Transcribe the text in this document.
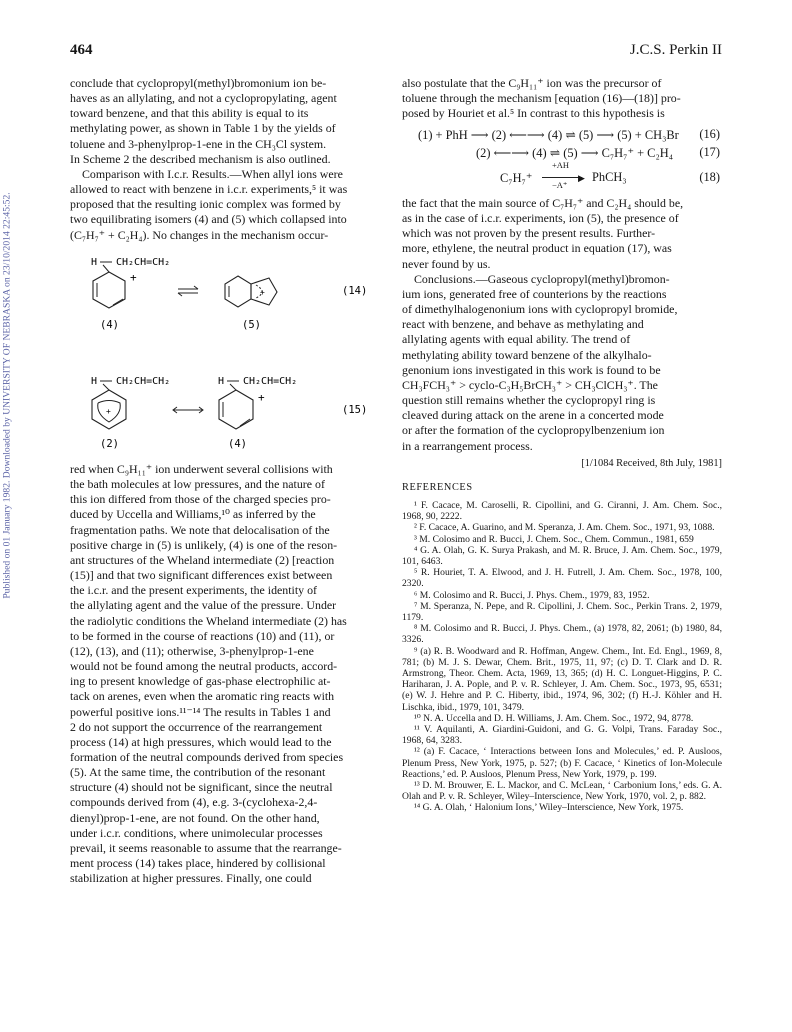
Published on 01 January 1982. Downloaded by UNIVERSITY OF NEBRASKA on 23/10/2014 22:45:52.
464	J.C.S. Perkin II

conclude that cyclopropyl(methyl)bromonium ion be-

haves as an allylating, and not a cyclopropylating, agent

toward benzene, and that this ability is equal to its

methylating power, as shown in Table 1 by the yields of

toluene and 3-phenylprop-1-ene in the CH₃Cl system.

In Scheme 2 the described mechanism is also outlined.

Comparison with I.c.r. Results.—When allyl ions were

allowed to react with benzene in i.c.r. experiments,⁵ it was

proposed that the resulting ionic complex was formed by

two equilibrating isomers (4) and (5) which collapsed into

(C₇H₇⁺ + C₂H₄). No changes in the mechanism occur-

H CH₂CH=CH₂
+
+	(14)
(4)	(5)
H CH₂CH=CH₂
+
H CH₂CH=CH₂
+
(15)
(2)	(4)

red when C₉H₁₁⁺ ion underwent several collisions with

the bath molecules at low pressures, and the nature of

this ion differed from those of the charged species pro-

duced by Uccella and Williams,¹⁰ as inferred by the

fragmentation paths. We note that delocalisation of the

positive charge in (5) is unlikely, (4) is one of the reson-

ant structures of the Wheland intermediate (2) [reaction

(15)] and that two significant differences exist between

the i.c.r. and the present experiments, the identity of

the allylating agent and the value of the pressure. Under

the radiolytic conditions the Wheland intermediate (2) has

to be formed in the course of reactions (10) and (11), or

(12), (13), and (11); otherwise, 3-phenylprop-1-ene

would not be found among the neutral products, accord-

ing to present knowledge of gas-phase electrophilic at-

tack on arenes, even when the aromatic ring reacts with

powerful positive ions.¹¹⁻¹⁴ The results in Tables 1 and

2 do not support the occurrence of the rearrangement

process (14) at high pressures, which would lead to the

formation of the neutral compounds derived from species

(5). At the same time, the contribution of the resonant

structure (4) should not be significant, since the neutral

compounds derived from (4), e.g. 3-(cyclohexa-2,4-

dienyl)prop-1-ene, are not found. On the other hand,

under i.c.r. conditions, where unimolecular processes

prevail, it seems reasonable to assume that the rearrange-

ment process (14) takes place, hindered by collisional

stabilization at higher pressures. Finally, one could

also postulate that the C₉H₁₁⁺ ion was the precursor of

toluene through the mechanism [equation (16)—(18)] pro-

posed by Houriet et al.⁵ In contrast to this hypothesis is

(1) + PhH ⟶ (2) ⟵⟶ (4) ⇌ (5) ⟶ (5) + CH₃Br (16)
(2) ⟵⟶ (4) ⇌ (5) ⟶ C₇H₇⁺ + C₂H₄ (17)
C₇H₇⁺
+AH
▶
−A⁺
PhCH₃	(18)

the fact that the main source of C₇H₇⁺ and C₂H₄ should be,

as in the case of i.c.r. experiments, ion (5), the presence of

which was not proven by the present results. Further-

more, ethylene, the neutral product in equation (17), was

never found by us.

Conclusions.—Gaseous cyclopropyl(methyl)bromon-

ium ions, generated free of counterions by the reactions

of dimethylhalogenonium ions with cyclopropyl bromide,

react with benzene, and behave as methylating and

allylating agents with equal ability. The trend of

methylating ability toward benzene of the alkylhalo-

genonium ions investigated in this work is found to be

CH₃FCH₃⁺ > cyclo-C₃H₅BrCH₃⁺ > CH₃ClCH₃⁺. The

question still remains whether the cyclopropyl ring is

cleaved during attack on the arene in a concerted mode

or after the formation of the cyclopropylbenzenium ion

in a rearrangement process.

[1/1084 Received, 8th July, 1981]
REFERENCES

¹ F. Cacace, M. Caroselli, R. Cipollini, and G. Ciranni, J. Am. Chem. Soc., 1968, 90, 2222.

² F. Cacace, A. Guarino, and M. Speranza, J. Am. Chem. Soc., 1971, 93, 1088.

³ M. Colosimo and R. Bucci, J. Chem. Soc., Chem. Commun., 1981, 659

⁴ G. A. Olah, G. K. Surya Prakash, and M. R. Bruce, J. Am. Chem. Soc., 1979, 101, 6463.

⁵ R. Houriet, T. A. Elwood, and J. H. Futrell, J. Am. Chem. Soc., 1978, 100, 2320.

⁶ M. Colosimo and R. Bucci, J. Phys. Chem., 1979, 83, 1952.

⁷ M. Speranza, N. Pepe, and R. Cipollini, J. Chem. Soc., Perkin Trans. 2, 1979, 1179.

⁸ M. Colosimo and R. Bucci, J. Phys. Chem., (a) 1978, 82, 2061; (b) 1980, 84, 3326.

⁹ (a) R. B. Woodward and R. Hoffman, Angew. Chem., Int. Ed. Engl., 1969, 8, 781; (b) M. J. S. Dewar, Chem. Brit., 1975, 11, 97; (c) D. T. Clark and D. R. Armstrong, Theor. Chem. Acta, 1969, 13, 365; (d) H. C. Longuet-Higgins, P. C. Hariharan, J. A. Pople, and P. v. R. Schleyer, J. Am. Chem. Soc., 1973, 95, 6531; (e) W. J. Hehre and P. C. Hiberty, ibid., 1974, 96, 302; (f) H.-J. Köhler and H. Lischka, ibid., 1979, 101, 3479.

¹⁰ N. A. Uccella and D. H. Williams, J. Am. Chem. Soc., 1972, 94, 8778.

¹¹ V. Aquilanti, A. Giardini-Guidoni, and G. G. Volpi, Trans. Faraday Soc., 1968, 64, 3283.

¹² (a) F. Cacace, ‘ Interactions between Ions and Molecules,’ ed. P. Ausloos, Plenum Press, New York, 1975, p. 527; (b) F. Cacace, ‘ Kinetics of Ion-Molecule Reactions,’ ed. P. Ausloos, Plenum Press, New York, 1979, p. 199.

¹³ D. M. Brouwer, E. L. Mackor, and C. McLean, ‘ Carbonium Ions,’ eds. G. A. Olah and P. v. R. Schleyer, Wiley–Interscience, New York, 1970, vol. 2, p. 882.

¹⁴ G. A. Olah, ‘ Halonium Ions,’ Wiley–Interscience, New York, 1975.
